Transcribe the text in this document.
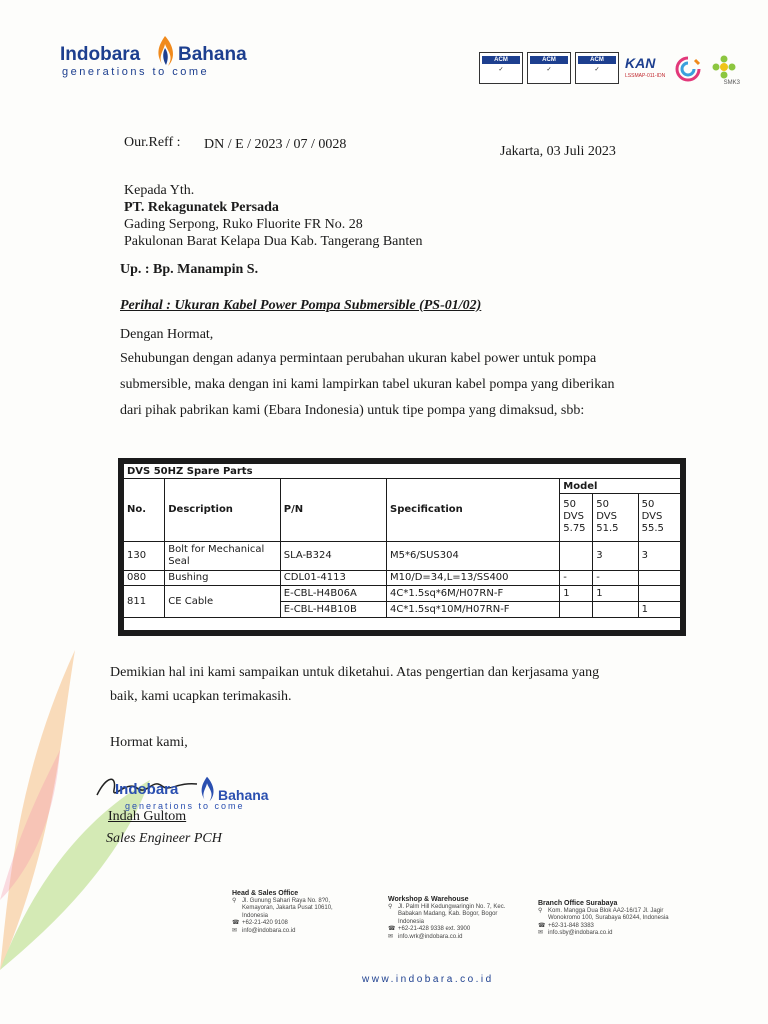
Indobara Bahana
generations to come
ACM
✓
ACM
✓
ACM
✓	KAN
LSSMAP-011-IDN
SMK3
Our.Reff : DN / E / 2023 / 07 / 0028	Jakarta, 03 Juli 2023
Kepada Yth.
PT. Rekagunatek Persada
Gading Serpong, Ruko Fluorite FR No. 28
Pakulonan Barat Kelapa Dua Kab. Tangerang Banten
Up. : Bp. Manampin S.
Perihal : Ukuran Kabel Power Pompa Submersible (PS-01/02)
Dengan Hormat,
Sehubungan dengan adanya permintaan perubahan ukuran kabel power untuk pompa
submersible, maka dengan ini kami lampirkan tabel ukuran kabel pompa yang diberikan
dari pihak pabrikan kami (Ebara Indonesia) untuk tipe pompa yang dimaksud, sbb:
DVS 50HZ Spare Parts						
No.	Description	P/N	Specification	Model		
				50
DVS
5.75	50
DVS
51.5	50
DVS
55.5
130	Bolt for Mechanical Seal	SLA-B324	M5*6/SUS304		3	3
080	Bushing	CDL01-4113	M10/D=34,L=13/SS400	-	-	
811	CE Cable	E-CBL-H4B06A	4C*1.5sq*6M/H07RN-F	1	1	
		E-CBL-H4B10B	4C*1.5sq*10M/H07RN-F			1

Demikian hal ini kami sampaikan untuk diketahui. Atas pengertian dan kerjasama yang
baik, kami ucapkan terimakasih.
Hormat kami,
Indobara	Bahana
generations to come
Indah Gultom
Sales Engineer PCH
Head & Sales Office
⚲ Jl. Gunung Sahari Raya No. 8?0, Kemayoran, Jakarta Pusat 10610, Indonesia
☎ +62-21-420 9108
✉ info@indobara.co.id
Workshop & Warehouse
⚲ Jl. Palm Hill Kedungwaringin No. 7, Kec. Babakan Madang, Kab. Bogor, Bogor Indonesia
☎ +62-21-428 9338 ext. 3900
✉ info.wrk@indobara.co.id
Branch Office Surabaya
⚲ Kom. Mangga Dua Blok AA2-16/17 Jl. Jagir Wonokromo 100, Surabaya 60244, Indonesia
☎ +62-31-848 3383
✉ info.sby@indobara.co.id
www.indobara.co.id
